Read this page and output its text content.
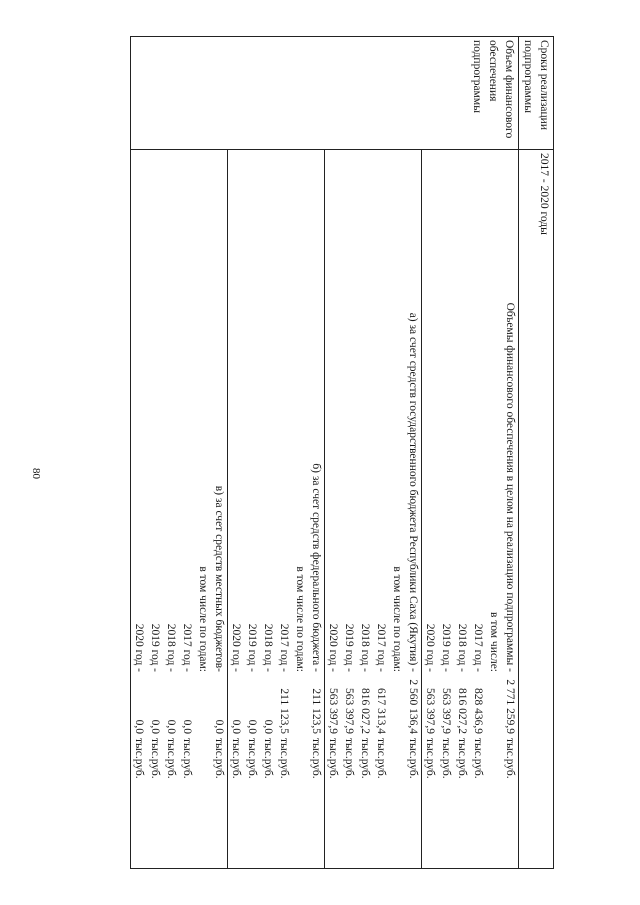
80
Сроки реализации подпрограммы	2017 - 2020 годы
Объем финансового обеспечения подпрограммы	
Объемы финансового обеспечения в целом на реализацию подпрограммы -	2 771 259,9	тыс.руб.	
в том числе:			
2017 год -	828 436,9	тыс.руб.	
2018 год -	816 027,2	тыс.руб.	
2019 год -	563 397,9	тыс.руб.	
2020 год -	563 397,9	тыс.руб.	
а) за счет средств государственного бюджета Республики Саха (Якутия) -	2 560 136,4	тыс.руб.	
в том числе по годам:			
2017 год -	617 313,4	тыс.руб.	
2018 год -	816 027,2	тыс.руб.	
2019 год -	563 397,9	тыс.руб.	
2020 год -	563 397,9	тыс.руб.	
б) за счет средств федерального бюджета -	211 123,5	тыс.руб.	
в том числе по годам:			
2017 год -	211 123,5	тыс.руб.	
2018 год -	0,0	тыс.руб.	
2019 год -	0,0	тыс.руб.	
2020 год -	0,0	тыс.руб.	
в) за счет средств местных бюджетов-	0,0	тыс.руб.	
в том числе по годам:			
2017 год -	0,0	тыс.руб.	
2018 год -	0,0	тыс.руб.	
2019 год -	0,0	тыс.руб.	
2020 год -	0,0	тыс.руб.	
